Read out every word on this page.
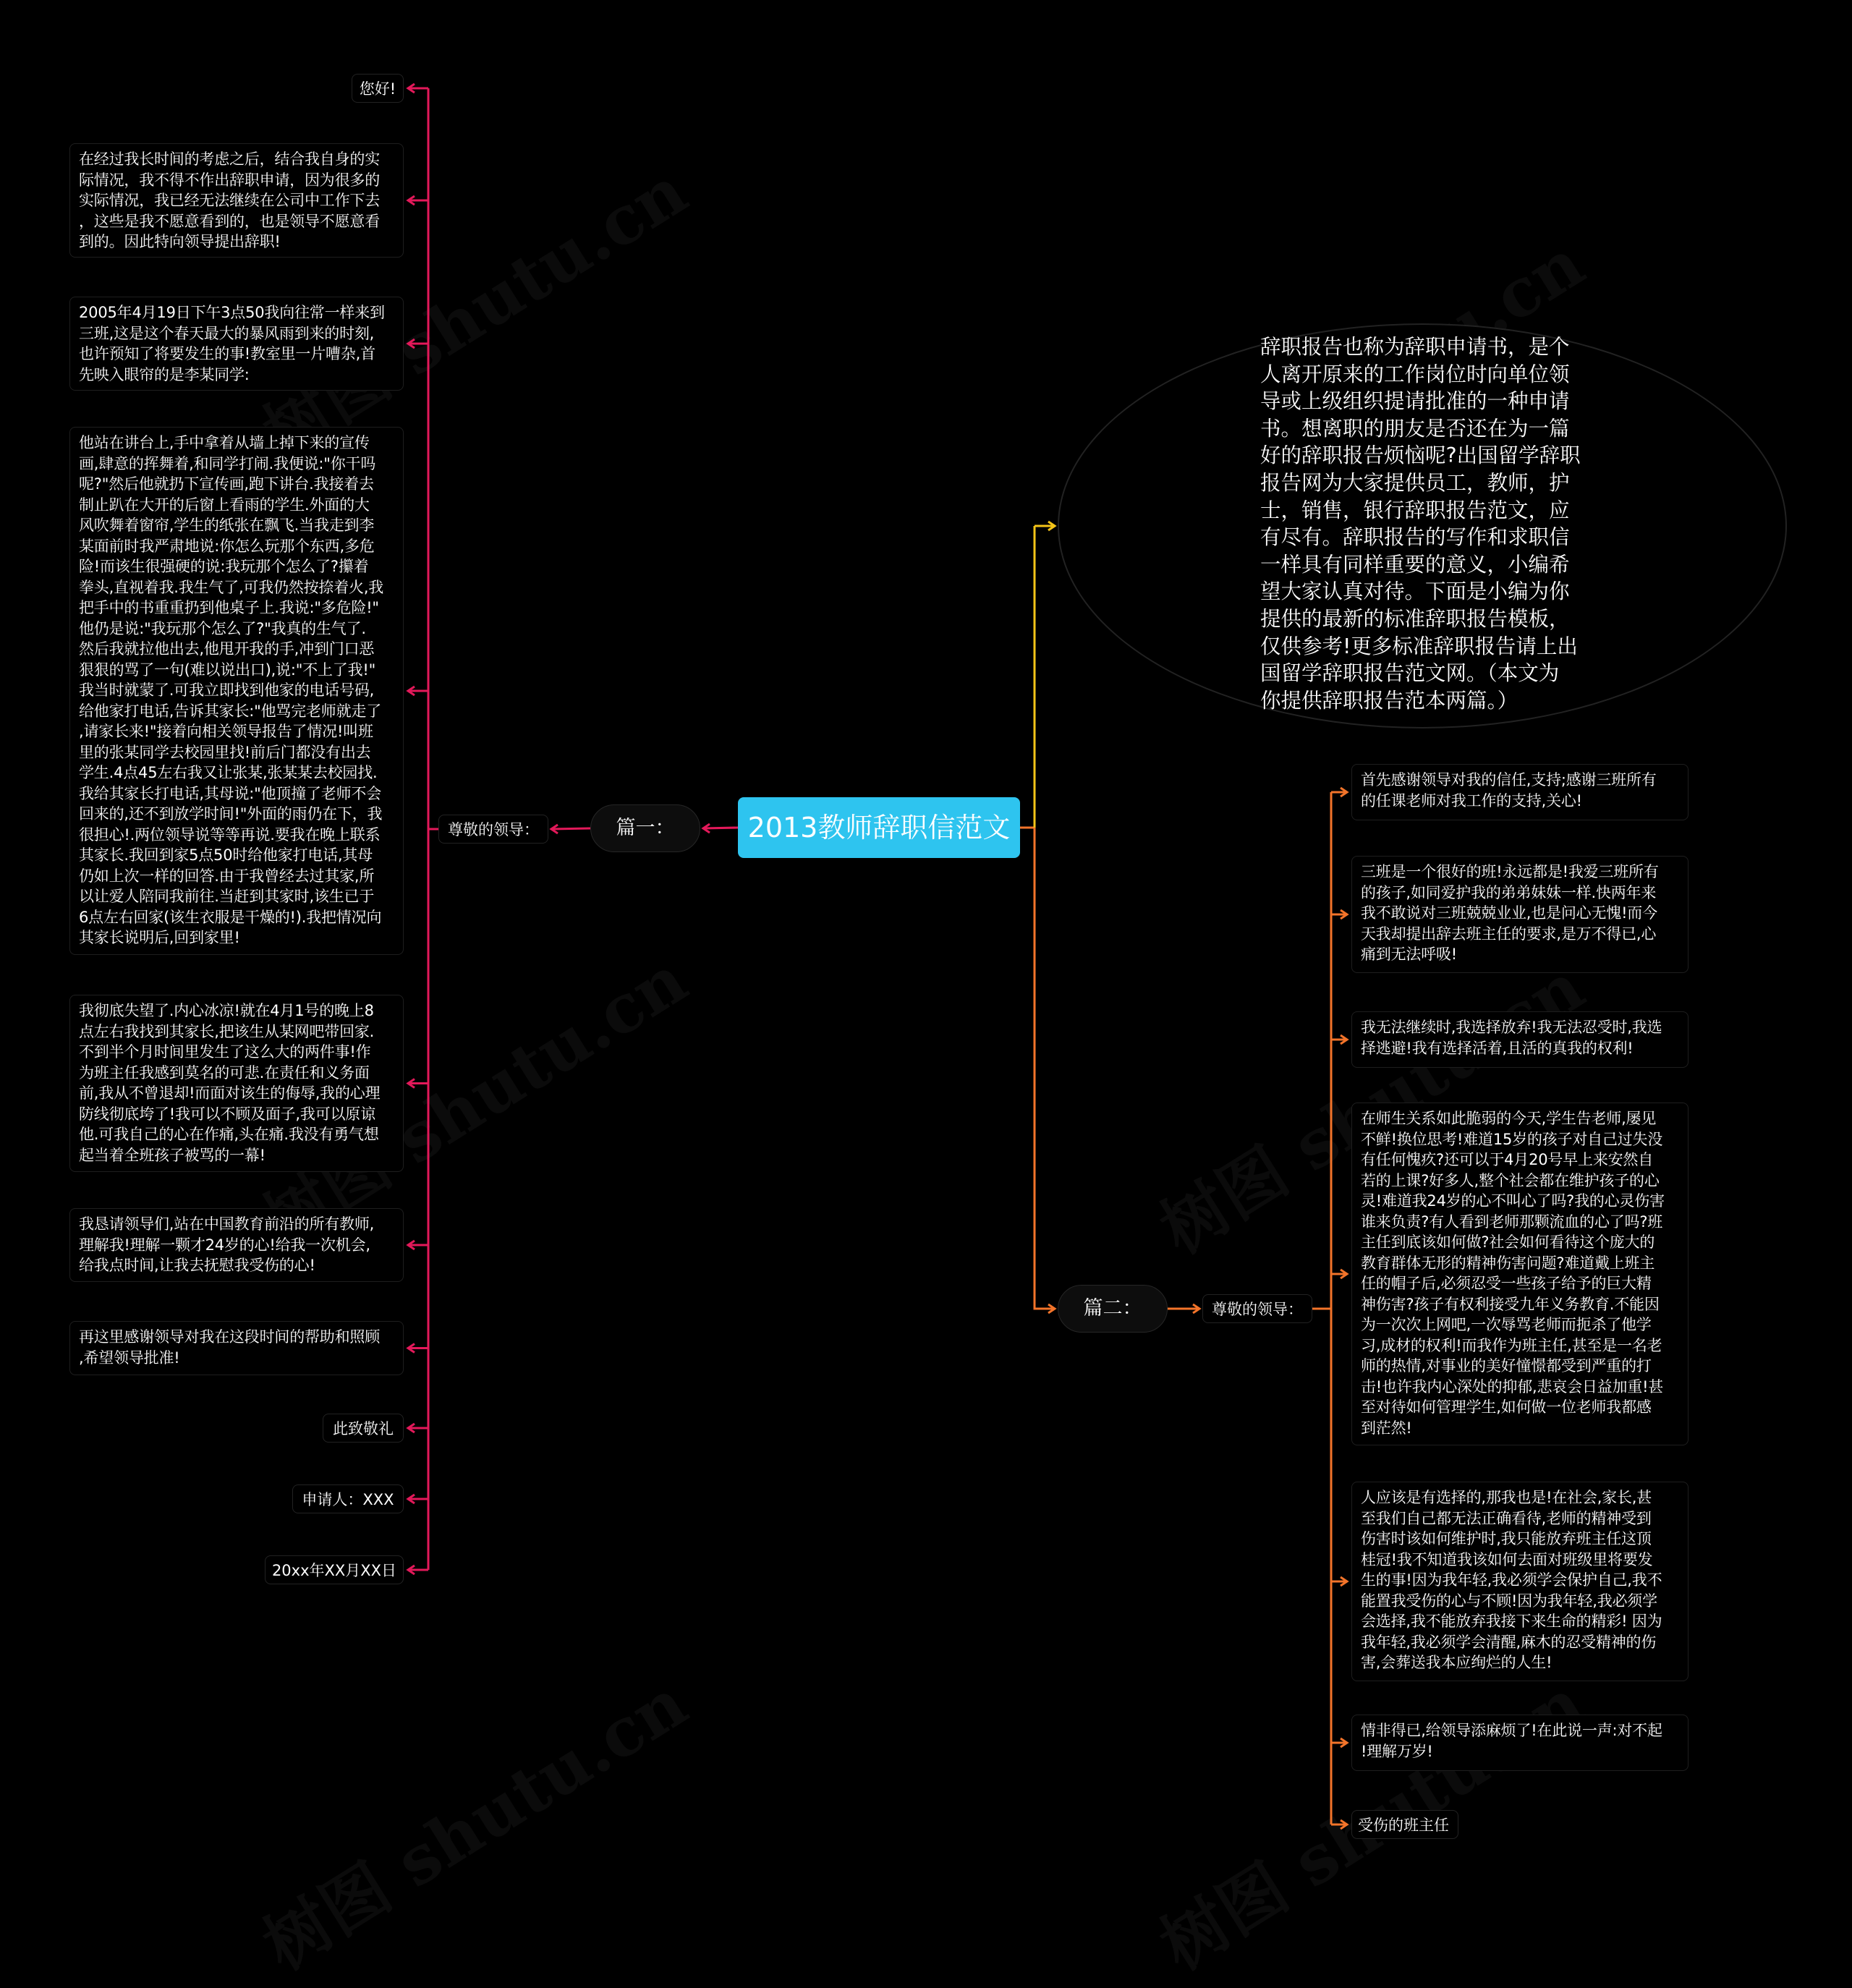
2013教师辞职信范文
辞职报告也称为辞职申请书，是个
人离开原来的工作岗位时向单位领
导或上级组织提请批准的一种申请
书。想离职的朋友是否还在为一篇
好的辞职报告烦恼呢?出国留学辞职
报告网为大家提供员工，教师，护
士，销售，银行辞职报告范文，应
有尽有。辞职报告的写作和求职信
一样具有同样重要的意义，小编希
望大家认真对待。下面是小编为你
提供的最新的标准辞职报告模板，
仅供参考!更多标准辞职报告请上出
国留学辞职报告范文网。（本文为
你提供辞职报告范本两篇。）
篇一：
尊敬的领导：
您好!
在经过我长时间的考虑之后，结合我自身的实
际情况，我不得不作出辞职申请，因为很多的
实际情况，我已经无法继续在公司中工作下去
，这些是我不愿意看到的，也是领导不愿意看
到的。因此特向领导提出辞职!
2005年4月19日下午3点50我向往常一样来到
三班,这是这个春天最大的暴风雨到来的时刻,
也许预知了将要发生的事!教室里一片嘈杂,首
先映入眼帘的是李某同学:
他站在讲台上,手中拿着从墙上掉下来的宣传
画,肆意的挥舞着,和同学打闹.我便说:"你干吗
呢?"然后他就扔下宣传画,跑下讲台.我接着去
制止趴在大开的后窗上看雨的学生.外面的大
风吹舞着窗帘,学生的纸张在飘飞.当我走到李
某面前时我严肃地说:你怎么玩那个东西,多危
险!而该生很强硬的说:我玩那个怎么了?攥着
拳头,直视着我.我生气了,可我仍然按捺着火,我
把手中的书重重扔到他桌子上.我说:"多危险!"
他仍是说:"我玩那个怎么了?"我真的生气了.
然后我就拉他出去,他甩开我的手,冲到门口恶
狠狠的骂了一句(难以说出口),说:"不上了我!"
我当时就蒙了.可我立即找到他家的电话号码,
给他家打电话,告诉其家长:"他骂完老师就走了
,请家长来!"接着向相关领导报告了情况!叫班
里的张某同学去校园里找!前后门都没有出去
学生.4点45左右我又让张某,张某某去校园找.
我给其家长打电话,其母说:"他顶撞了老师不会
回来的,还不到放学时间!"外面的雨仍在下，我
很担心!.两位领导说等等再说.要我在晚上联系
其家长.我回到家5点50时给他家打电话,其母
仍如上次一样的回答.由于我曾经去过其家,所
以让爱人陪同我前往.当赶到其家时,该生已于
6点左右回家(该生衣服是干燥的!).我把情况向
其家长说明后,回到家里!
我彻底失望了.内心冰凉!就在4月1号的晚上8
点左右我找到其家长,把该生从某网吧带回家.
不到半个月时间里发生了这么大的两件事!作
为班主任我感到莫名的可悲.在责任和义务面
前,我从不曾退却!而面对该生的侮辱,我的心理
防线彻底垮了!我可以不顾及面子,我可以原谅
他.可我自己的心在作痛,头在痛.我没有勇气想
起当着全班孩子被骂的一幕!
我恳请领导们,站在中国教育前沿的所有教师,
理解我!理解一颗才24岁的心!给我一次机会,
给我点时间,让我去抚慰我受伤的心!
再这里感谢领导对我在这段时间的帮助和照顾
,希望领导批准!
此致敬礼
申请人：XXX
20xx年XX月XX日
篇二：	尊敬的领导：
首先感谢领导对我的信任,支持;感谢三班所有
的任课老师对我工作的支持,关心!
三班是一个很好的班!永远都是!我爱三班所有
的孩子,如同爱护我的弟弟妹妹一样.快两年来
我不敢说对三班兢兢业业,也是问心无愧!而今
天我却提出辞去班主任的要求,是万不得已,心
痛到无法呼吸!
我无法继续时,我选择放弃!我无法忍受时,我选
择逃避!我有选择活着,且活的真我的权利!
在师生关系如此脆弱的今天,学生告老师,屡见
不鲜!换位思考!难道15岁的孩子对自己过失没
有任何愧疚?还可以于4月20号早上来安然自
若的上课?好多人,整个社会都在维护孩子的心
灵!难道我24岁的心不叫心了吗?我的心灵伤害
谁来负责?有人看到老师那颗流血的心了吗?班
主任到底该如何做?社会如何看待这个庞大的
教育群体无形的精神伤害问题?难道戴上班主
任的帽子后,必须忍受一些孩子给予的巨大精
神伤害?孩子有权利接受九年义务教育.不能因
为一次次上网吧,一次辱骂老师而扼杀了他学
习,成材的权利!而我作为班主任,甚至是一名老
师的热情,对事业的美好憧憬都受到严重的打
击!也许我内心深处的抑郁,悲哀会日益加重!甚
至对待如何管理学生,如何做一位老师我都感
到茫然!
人应该是有选择的,那我也是!在社会,家长,甚
至我们自己都无法正确看待,老师的精神受到
伤害时该如何维护时,我只能放弃班主任这顶
桂冠!我不知道我该如何去面对班级里将要发
生的事!因为我年轻,我必须学会保护自己,我不
能置我受伤的心与不顾!因为我年轻,我必须学
会选择,我不能放弃我接下来生命的精彩! 因为
我年轻,我必须学会清醒,麻木的忍受精神的伤
害,会葬送我本应绚烂的人生!
情非得已,给领导添麻烦了!在此说一声:对不起
!理解万岁!
受伤的班主任
